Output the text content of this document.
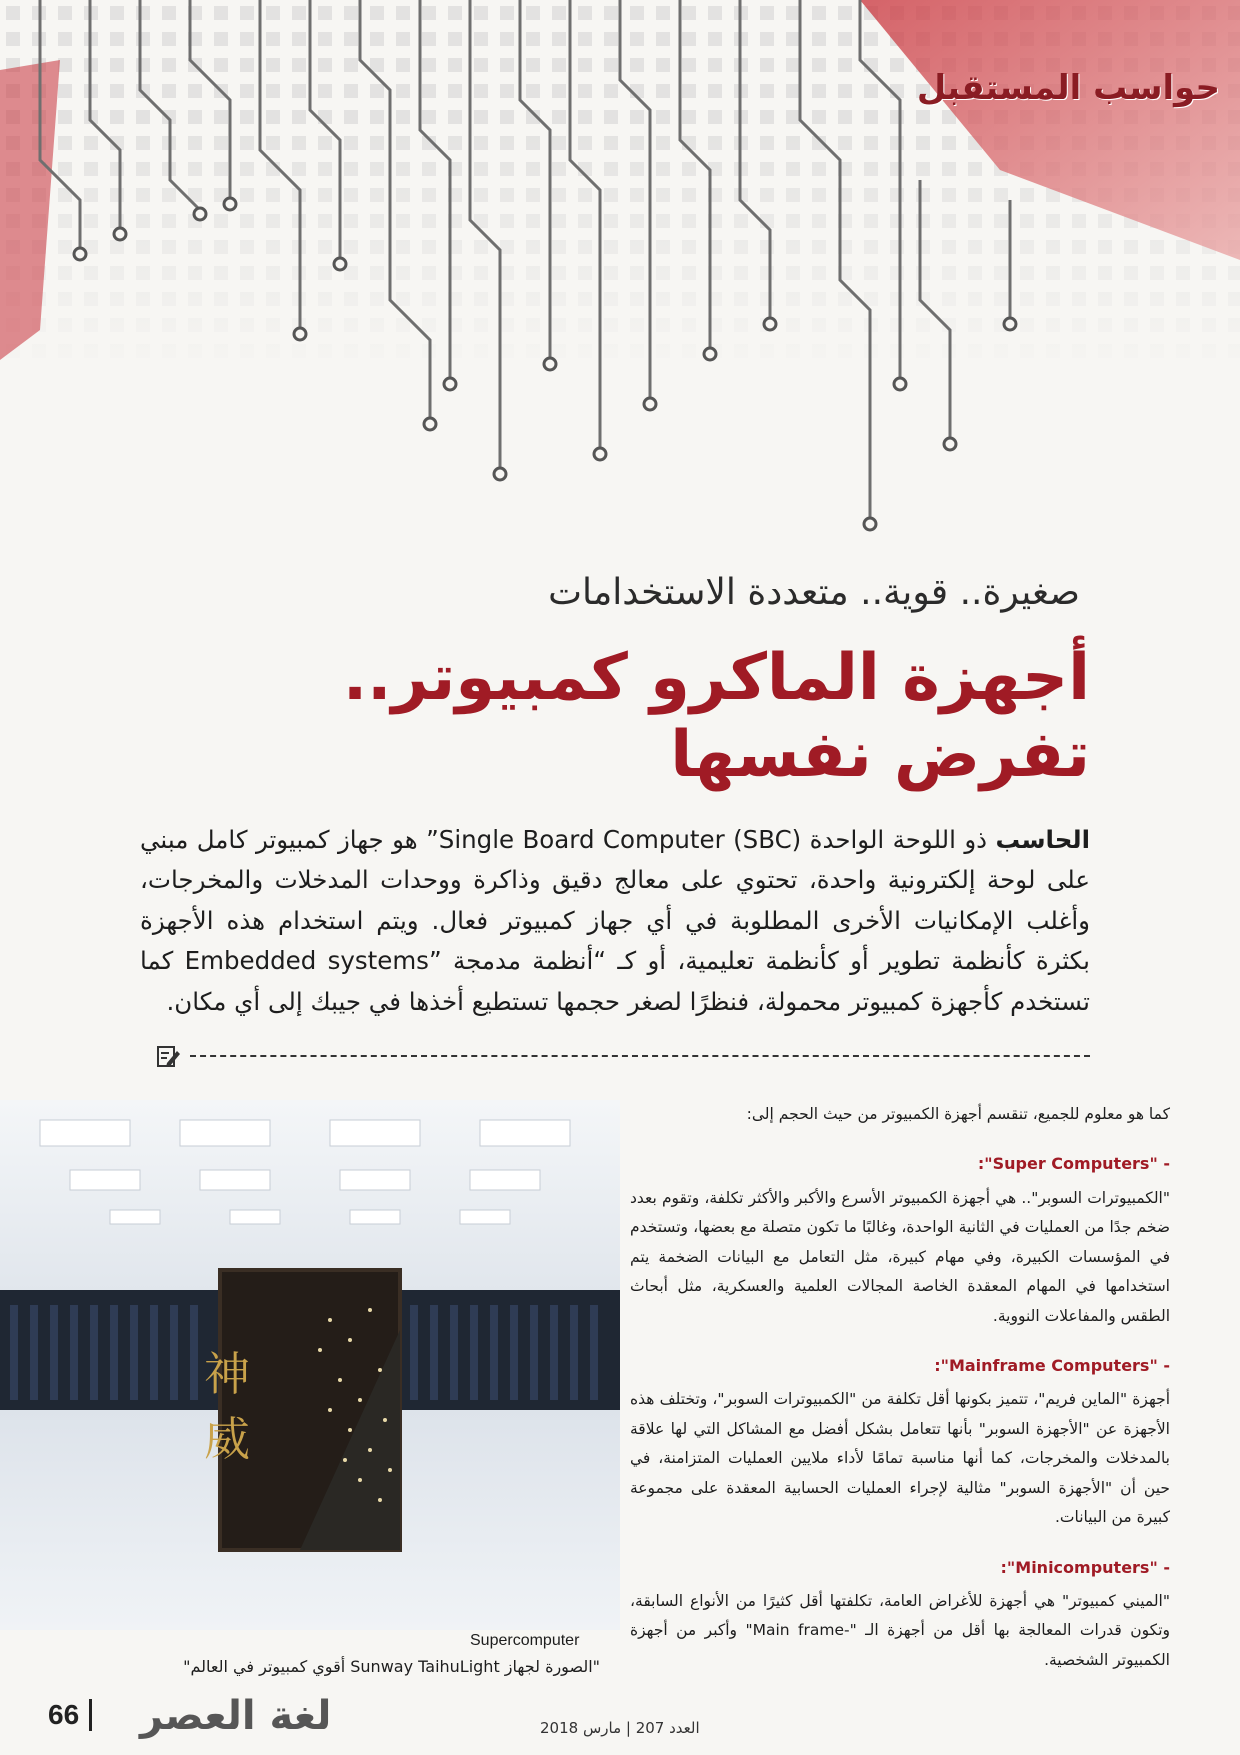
حواسب المستقبل
صغيرة.. قوية.. متعددة الاستخدامات
أجهزة الماكرو كمبيوتر..
تفرض نفسها
الحاسب ذو اللوحة الواحدة Single Board Computer (SBC)” هو جهاز كمبيوتر كامل مبني على لوحة إلكترونية واحدة، تحتوي على معالج دقيق وذاكرة ووحدات المدخلات والمخرجات، وأغلب الإمكانيات الأخرى المطلوبة في أي جهاز كمبيوتر فعال. ويتم استخدام هذه الأجهزة بكثرة كأنظمة تطوير أو كأنظمة تعليمية، أو كـ “أنظمة مدمجة ”Embedded systems كما تستخدم كأجهزة كمبيوتر محمولة، فنظرًا لصغر حجمها تستطيع أخذها في جيبك إلى أي مكان.
神
威
Supercomputer
"الصورة لجهاز Sunway TaihuLight أقوي كمبيوتر في العالم"

كما هو معلوم للجميع، تنقسم أجهزة الكمبيوتر من حيث الحجم إلى:

- "Super Computers":

"الكمبيوترات السوبر".. هي أجهزة الكمبيوتر الأسرع والأكبر والأكثر تكلفة، وتقوم بعدد ضخم جدًا من العمليات في الثانية الواحدة، وغالبًا ما تكون متصلة مع بعضها، وتستخدم في المؤسسات الكبيرة، وفي مهام كبيرة، مثل التعامل مع البيانات الضخمة يتم استخدامها في المهام المعقدة الخاصة المجالات العلمية والعسكرية، مثل أبحاث الطقس والمفاعلات النووية.

- "Mainframe Computers":

أجهزة "الماين فريم"، تتميز بكونها أقل تكلفة من "الكمبيوترات السوبر"، وتختلف هذه الأجهزة عن "الأجهزة السوبر" بأنها تتعامل بشكل أفضل مع المشاكل التي لها علاقة بالمدخلات والمخرجات، كما أنها مناسبة تمامًا لأداء ملايين العمليات المتزامنة، في حين أن "الأجهزة السوبر" مثالية لإجراء العمليات الحسابية المعقدة على مجموعة كبيرة من البيانات.

- "Minicomputers":

"الميني كمبيوتر" هي أجهزة للأغراض العامة، تكلفتها أقل كثيرًا من الأنواع السابقة، وتكون قدرات المعالجة بها أقل من أجهزة الـ "-Main frame" وأكبر من أجهزة الكمبيوتر الشخصية.

66	لغة العصر	العدد 207 | مارس 2018
